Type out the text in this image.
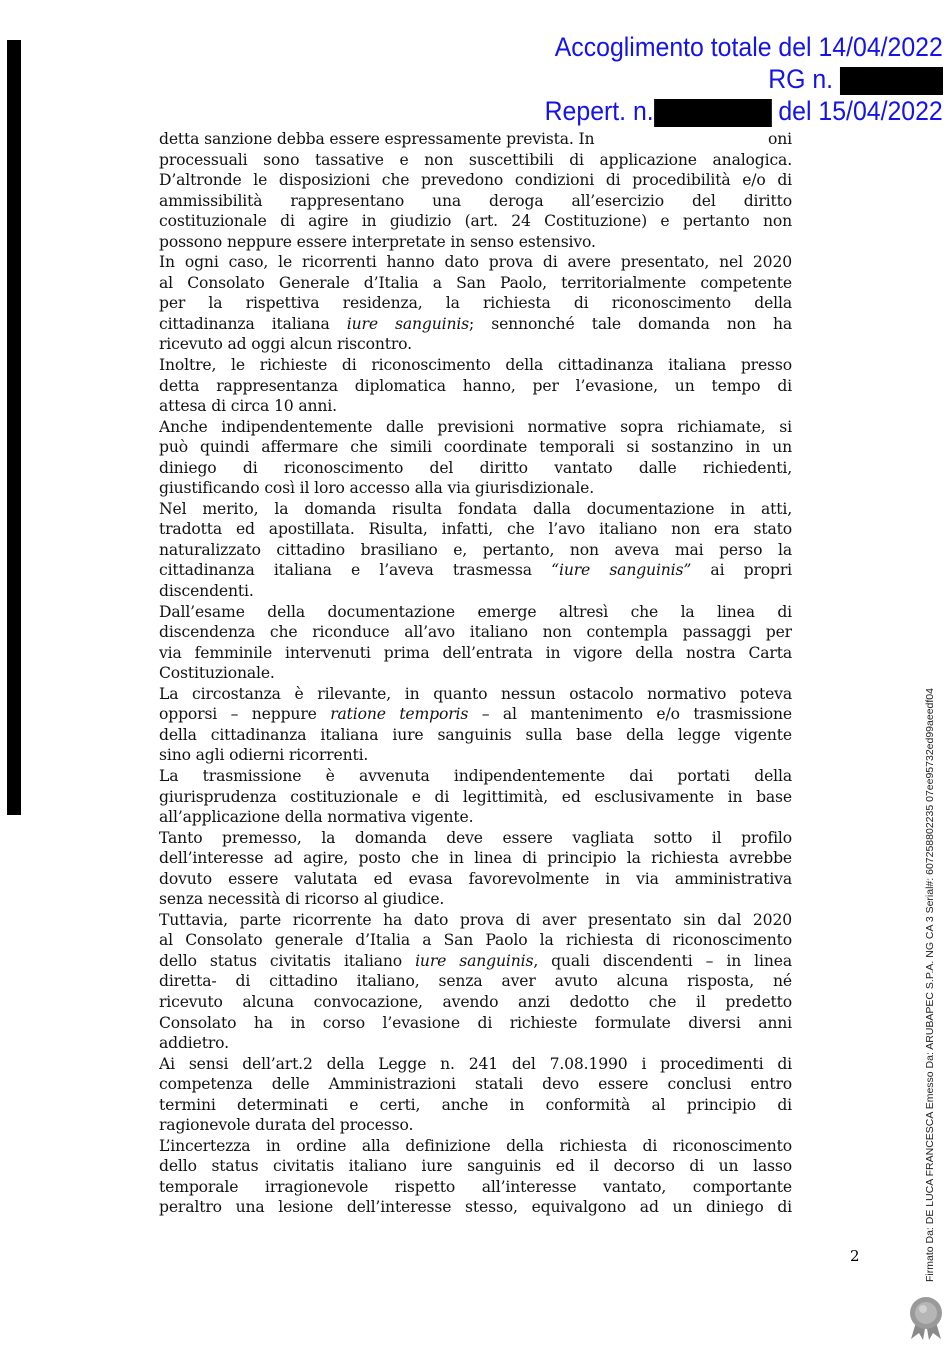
Accoglimento totale del 14/04/2022
RG n.
Repert. n.	del 15/04/2022
detta sanzione debba essere espressamente prevista. In	oni
processuali sono tassative e non suscettibili di applicazione analogica.
D’altronde le disposizioni che prevedono condizioni di procedibilità e/o di
ammissibilità rappresentano una deroga all’esercizio del diritto
costituzionale di agire in giudizio (art. 24 Costituzione) e pertanto non
possono neppure essere interpretate in senso estensivo.
In ogni caso, le ricorrenti hanno dato prova di avere presentato, nel 2020
al Consolato Generale d’Italia a San Paolo, territorialmente competente
per la rispettiva residenza, la richiesta di riconoscimento della
cittadinanza italiana iure sanguinis; sennonché tale domanda non ha
ricevuto ad oggi alcun riscontro.
Inoltre, le richieste di riconoscimento della cittadinanza italiana presso
detta rappresentanza diplomatica hanno, per l’evasione, un tempo di
attesa di circa 10 anni.
Anche indipendentemente dalle previsioni normative sopra richiamate, si
può quindi affermare che simili coordinate temporali si sostanzino in un
diniego di riconoscimento del diritto vantato dalle richiedenti,
giustificando così il loro accesso alla via giurisdizionale.
Nel merito, la domanda risulta fondata dalla documentazione in atti,
tradotta ed apostillata. Risulta, infatti, che l’avo italiano non era stato
naturalizzato cittadino brasiliano e, pertanto, non aveva mai perso la
cittadinanza italiana e l’aveva trasmessa “iure sanguinis” ai propri
discendenti.
Dall’esame della documentazione emerge altresì che la linea di
discendenza che riconduce all’avo italiano non contempla passaggi per
via femminile intervenuti prima dell’entrata in vigore della nostra Carta
Costituzionale.
La circostanza è rilevante, in quanto nessun ostacolo normativo poteva
opporsi – neppure ratione temporis – al mantenimento e/o trasmissione
della cittadinanza italiana iure sanguinis sulla base della legge vigente
sino agli odierni ricorrenti.
La trasmissione è avvenuta indipendentemente dai portati della
giurisprudenza costituzionale e di legittimità, ed esclusivamente in base
all’applicazione della normativa vigente.
Tanto premesso, la domanda deve essere vagliata sotto il profilo
dell’interesse ad agire, posto che in linea di principio la richiesta avrebbe
dovuto essere valutata ed evasa favorevolmente in via amministrativa
senza necessità di ricorso al giudice.
Tuttavia, parte ricorrente ha dato prova di aver presentato sin dal 2020
al Consolato generale d’Italia a San Paolo la richiesta di riconoscimento
dello status civitatis italiano iure sanguinis, quali discendenti – in linea
diretta- di cittadino italiano, senza aver avuto alcuna risposta, né
ricevuto alcuna convocazione, avendo anzi dedotto che il predetto
Consolato ha in corso l’evasione di richieste formulate diversi anni
addietro.
Ai sensi dell’art.2 della Legge n. 241 del 7.08.1990 i procedimenti di
competenza delle Amministrazioni statali devo essere conclusi entro
termini determinati e certi, anche in conformità al principio di
ragionevole durata del processo.
L’incertezza in ordine alla definizione della richiesta di riconoscimento
dello status civitatis italiano iure sanguinis ed il decorso di un lasso
temporale irragionevole rispetto all’interesse vantato, comportante
peraltro una lesione dell’interesse stesso, equivalgono ad un diniego di
2	Firmato Da: DE LUCA FRANCESCA Emesso Da: ARUBAPEC S.P.A. NG CA 3 Serial#: 607258802235 07ee95732ed99aeedf04
